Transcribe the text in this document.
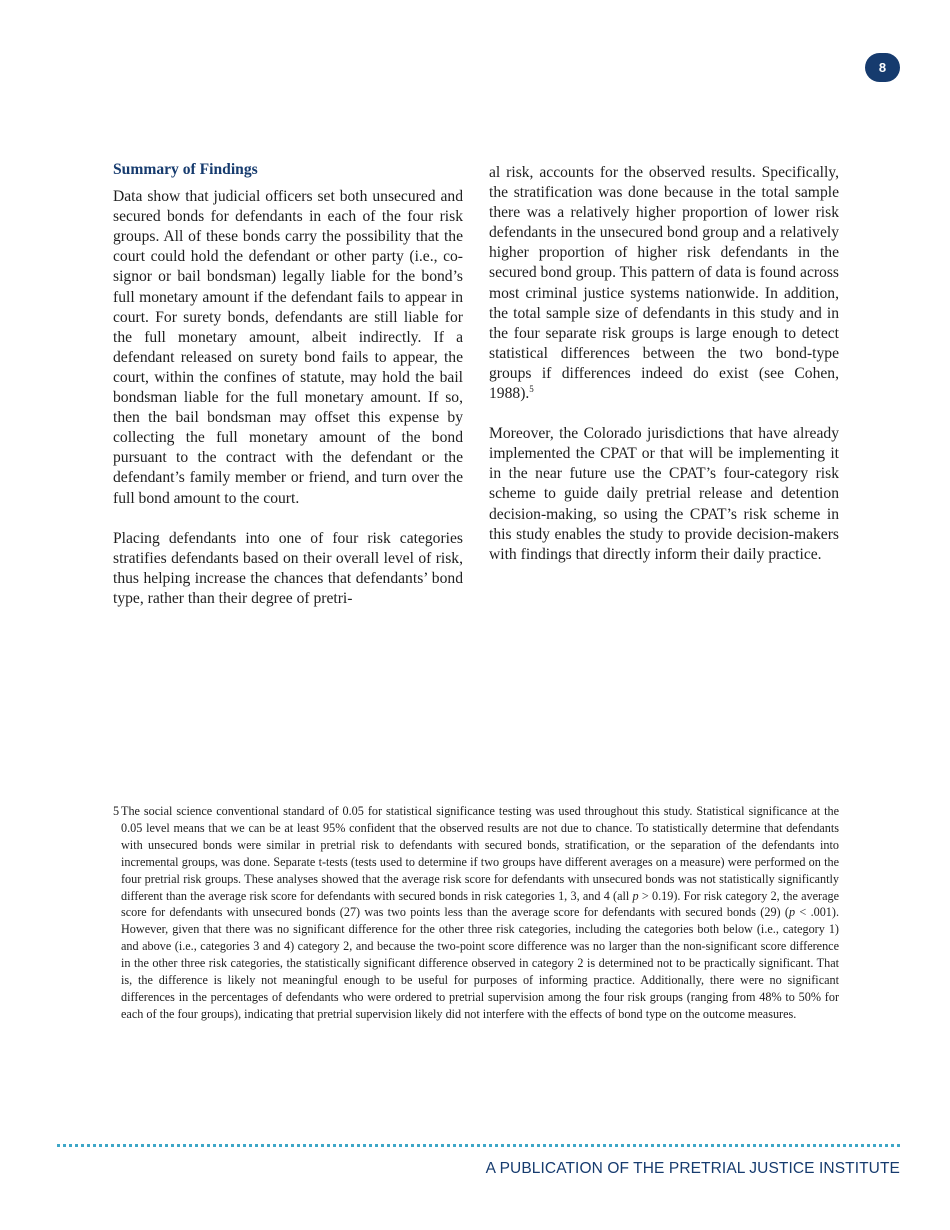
8
Summary of Findings

Data show that judicial officers set both unsecured and secured bonds for defendants in each of the four risk groups. All of these bonds carry the possibility that the court could hold the defendant or other party (i.e., co-signor or bail bondsman) legally liable for the bond’s full monetary amount if the defendant fails to appear in court. For surety bonds, defendants are still liable for the full monetary amount, albeit indirectly. If a defendant released on surety bond fails to appear, the court, within the confines of statute, may hold the bail bondsman liable for the full monetary amount. If so, then the bail bondsman may offset this expense by collecting the full monetary amount of the bond pursuant to the contract with the defendant or the defendant’s family member or friend, and turn over the full bond amount to the court.

Placing defendants into one of four risk categories stratifies defendants based on their overall level of risk, thus helping increase the chances that defendants’ bond type, rather than their degree of pretri-

al risk, accounts for the observed results. Specifically, the stratification was done because in the total sample there was a relatively higher proportion of lower risk defendants in the unsecured bond group and a relatively higher proportion of higher risk defendants in the secured bond group. This pattern of data is found across most criminal justice systems nationwide. In addition, the total sample size of defendants in this study and in the four separate risk groups is large enough to detect statistical differences between the two bond-type groups if differences indeed do exist (see Cohen, 1988).$^5$

Moreover, the Colorado jurisdictions that have already implemented the CPAT or that will be implementing it in the near future use the CPAT’s four-category risk scheme to guide daily pretrial release and detention decision-making, so using the CPAT’s risk scheme in this study enables the study to provide decision-makers with findings that directly inform their daily practice.

5 The social science conventional standard of 0.05 for statistical significance testing was used throughout this study. Statistical significance at the 0.05 level means that we can be at least 95% confident that the observed results are not due to chance. To statistically determine that defendants with unsecured bonds were similar in pretrial risk to defendants with secured bonds, stratification, or the separation of the defendants into incremental groups, was done. Separate t-tests (tests used to determine if two groups have different averages on a measure) were performed on the four pretrial risk groups. These analyses showed that the average risk score for defendants with unsecured bonds was not statistically significantly different than the average risk score for defendants with secured bonds in risk categories 1, 3, and 4 (all p > 0.19). For risk category 2, the average score for defendants with unsecured bonds (27) was two points less than the average score for defendants with secured bonds (29) (p < .001). However, given that there was no significant difference for the other three risk categories, including the categories both below (i.e., category 1) and above (i.e., categories 3 and 4) category 2, and because the two-point score difference was no larger than the non-significant score difference in the other three risk categories, the statistically significant difference observed in category 2 is determined not to be practically significant. That is, the difference is likely not meaningful enough to be useful for purposes of informing practice. Additionally, there were no significant differences in the percentages of defendants who were ordered to pretrial supervision among the four risk groups (ranging from 48% to 50% for each of the four groups), indicating that pretrial supervision likely did not interfere with the effects of bond type on the outcome measures.
A PUBLICATION OF THE PRETRIAL JUSTICE INSTITUTE
